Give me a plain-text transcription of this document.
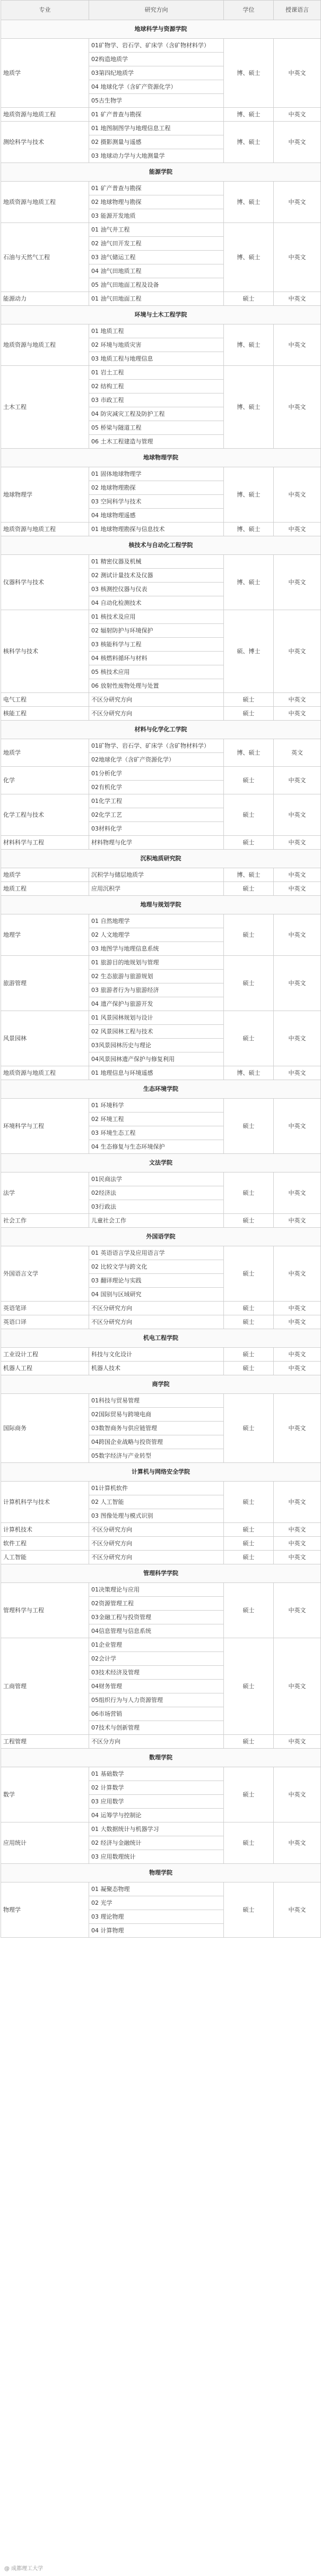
专业	研究方向	学位	授课语言
地球科学与资源学院			
地质学	01矿物学、岩石学、矿床学（含矿物材料学）	博、硕士	中英文
	02构造地质学		
	03第四纪地质学		
	04 地球化学（含矿产资源化学）		
	05古生物学		
地质资源与地质工程	01 矿产普查与勘探	博、硕士	中英文
测绘科学与技术	01 地图制图学与地理信息工程	博、硕士	中英文
	02 摄影测量与遥感		
	03 地球动力学与大地测量学		
能源学院			
地质资源与地质工程	01 矿产普查与勘探	博、硕士	中英文
	02 地球物理与勘探		
	03 能源开发地质		
石油与天然气工程	01 油气井工程	博、硕士	中英文
	02 油气田开发工程		
	03 油气储运工程		
	04 油气田地质工程		
	05 油气田地面工程及设备		
能源动力	01 油气田地面工程	硕士	中英文
环境与土木工程学院			
地质资源与地质工程	01 地质工程	博、硕士	中英文
	02 环境与地质灾害		
	03 地质工程与地理信息		
土木工程	01 岩土工程	博、硕士	中英文
	02 结构工程		
	03 市政工程		
	04 防灾减灾工程及防护工程		
	05 桥梁与隧道工程		
	06 土木工程建造与管理		
地球物理学院			
地球物理学	01 固体地球物理学	博、硕士	中英文
	02 地球物理勘探		
	03 空间科学与技术		
	04 地球物理遥感		
地质资源与地质工程	01 地球物理勘探与信息技术	博、硕士	中英文
核技术与自动化工程学院			
仪器科学与技术	01 精密仪器及机械	博、硕士	中英文
	02 测试计量技术及仪器		
	03 核测控仪器与仪表		
	04 自动化检测技术		
核科学与技术	01 核技术及应用	硕、博士	中英文
	02 辐射防护与环境保护		
	03 核能科学与工程		
	04 核燃料循环与材料		
	05 核技术应用		
	06 放射性废物处理与处置		
电气工程	不区分研究方向	硕士	中英文
核能工程	不区分研究方向	硕士	中英文
材料与化学化工学院			
地质学	01矿物学、岩石学、矿床学（含矿物材料学）	博、硕士	英文
	02地球化学（含矿产资源化学）		
化学	01分析化学	硕士	中英文
	02有机化学		
化学工程与技术	01化学工程	硕士	中英文
	02化学工艺		
	03材料化学		
材料科学与工程	材料物理与化学	硕士	中英文
沉积地质研究院			
地质学	沉积学与储层地质学	博、硕士	中英文
地质工程	应用沉积学	硕士	中英文
地理与规划学院			
地理学	01 自然地理学	硕士	中英文
	02 人文地理学		
	03 地图学与地理信息系统		
旅游管理	01 旅游目的地规划与管理	硕士	中英文
	02 生态旅游与旅游规划		
	03 旅游者行为与旅游经济		
	04 遗产保护与旅游开发		
风景园林	01 风景园林规划与设计	硕士	中英文
	02 风景园林工程与技术		
	03风景园林历史与理论		
	04风景园林遗产保护与修复利用		
地质资源与地质工程	01 地理信息与环境遥感	博、硕士	中英文
生态环境学院			
环境科学与工程	01 环境科学	硕士	中英文
	02 环境工程		
	03 环境生态工程		
	04 生态修复与生态环境保护		
文法学院			
法学	01民商法学	硕士	中英文
	02经济法		
	03行政法		
社会工作	儿童社会工作	硕士	中英文
外国语学院			
外国语言文学	01 英语语言学及应用语言学	硕士	中英文
	02 比较文学与跨文化		
	03 翻译理论与实践		
	04 国别与区域研究		
英语笔译	不区分研究方向	硕士	中英文
英语口译	不区分研究方向	硕士	中英文
机电工程学院			
工业设计工程	科技与文化设计	硕士	中英文
机器人工程	机器人技术	硕士	中英文
商学院			
国际商务	01科技与贸易管理	硕士	中英文
	02国际贸易与跨境电商		
	03数智商务与供应链管理		
	04跨国企业战略与投资管理		
	05数字经济与产业转型		
计算机与网络安全学院			
计算机科学与技术	01计算机软件	硕士	中英文
	02 人工智能		
	03 图像处理与模式识别		
计算机技术	不区分研究方向	硕士	中英文
软件工程	不区分研究方向	硕士	中英文
人工智能	不区分研究方向	硕士	中英文
管理科学学院			
管理科学与工程	01决策理论与应用	硕士	中英文
	02资源管理工程		
	03金融工程与投资管理		
	04信息管理与信息系统		
工商管理	01企业管理	硕士	中英文
	02会计学		
	03技术经济及管理		
	04财务管理		
	05组织行为与人力资源管理		
	06市场营销		
	07技术与创新管理		
工程管理	不区分方向	硕士	中英文
数理学院			
数学	01 基础数学	硕士	中英文
	02 计算数学		
	03 应用数学		
	04 运筹学与控制论		
应用统计	01 大数据统计与机器学习	硕士	中英文
	02 经济与金融统计		
	03 应用数理统计		
物理学院			
物理学	01 凝聚态物理	硕士	中英文
	02 光学		
	03 理论物理		
	04 计算物理		
@ 成都理工大学
